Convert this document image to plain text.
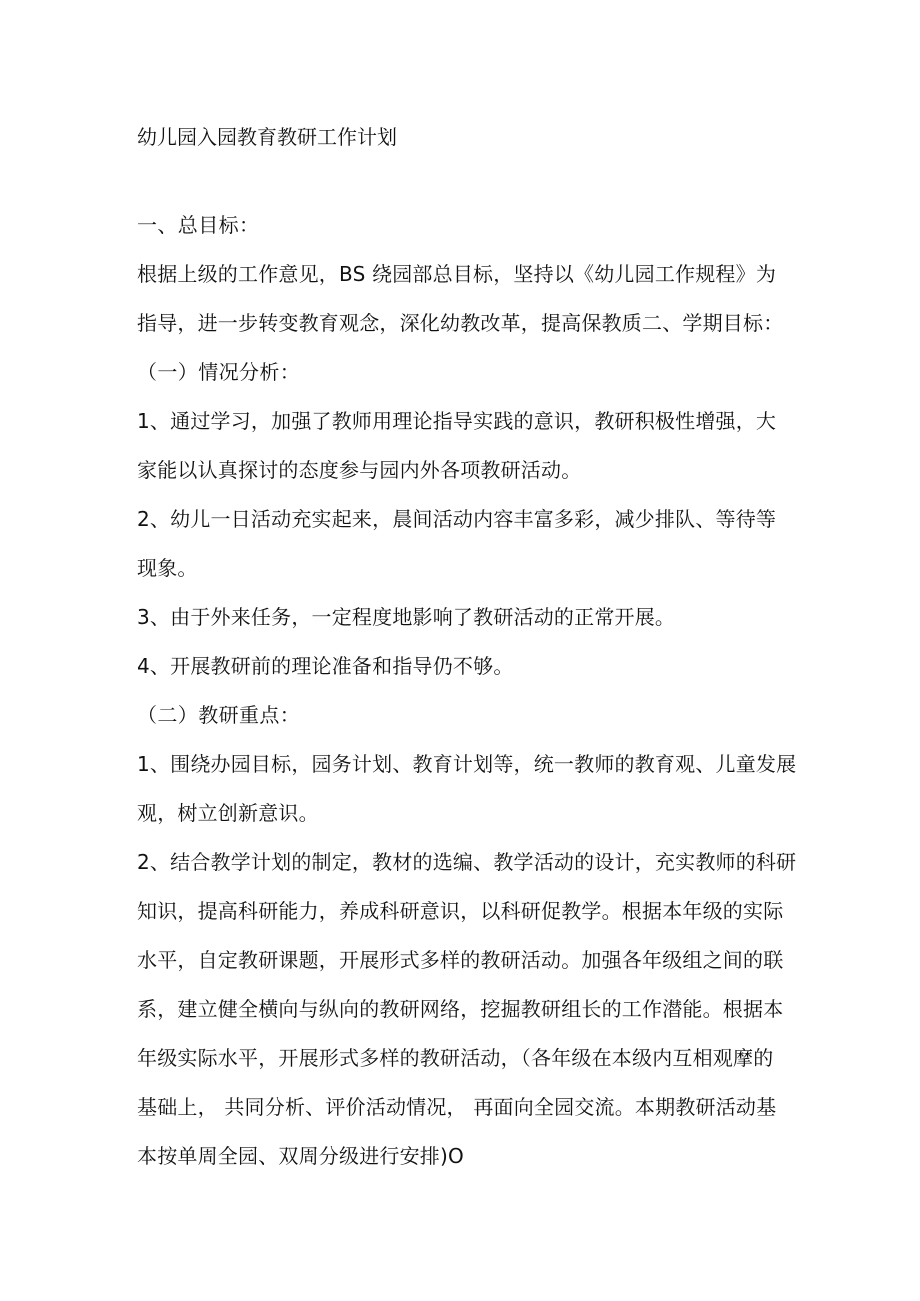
幼儿园入园教育教研工作计划
一、总目标：
根据上级的工作意见，BS 绕园部总目标，坚持以《幼儿园工作规程》为
指导，进一步转变教育观念，深化幼教改革，提高保教质二、学期目标：
（一）情况分析：
1、通过学习，加强了教师用理论指导实践的意识，教研积极性增强，大
家能以认真探讨的态度参与园内外各项教研活动。
2、幼儿一日活动充实起来，晨间活动内容丰富多彩，减少排队、等待等
现象。
3、由于外来任务，一定程度地影响了教研活动的正常开展。
4、开展教研前的理论准备和指导仍不够。
（二）教研重点：
1、围绕办园目标，园务计划、教育计划等，统一教师的教育观、儿童发展
观，树立创新意识。
2、结合教学计划的制定，教材的选编、教学活动的设计，充实教师的科研
知识，提高科研能力，养成科研意识，以科研促教学。根据本年级的实际
水平，自定教研课题，开展形式多样的教研活动。加强各年级组之间的联
系，建立健全横向与纵向的教研网络，挖掘教研组长的工作潜能。根据本
年级实际水平，开展形式多样的教研活动，（各年级在本级内互相观摩的
基础上， 共同分析、评价活动情况， 再面向全园交流。本期教研活动基
本按单周全园、双周分级进行安排)O
